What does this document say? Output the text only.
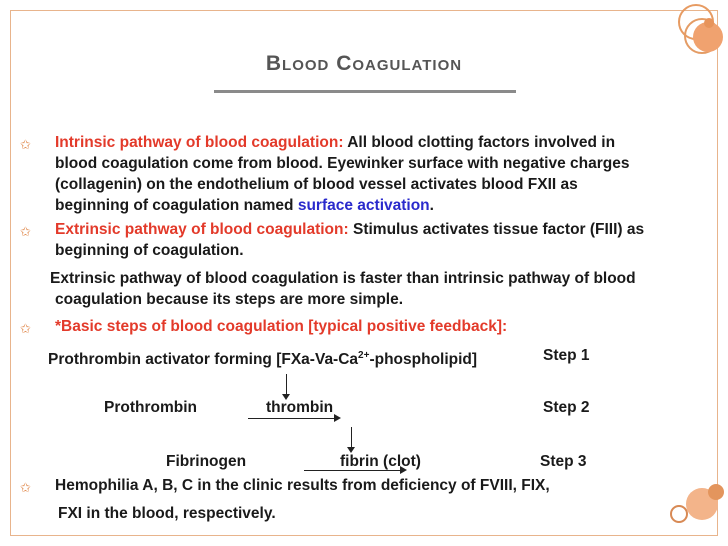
Blood Coagulation
✩ Intrinsic pathway of blood coagulation: All blood clotting factors involved in
blood coagulation come from blood. Eyewinker surface with negative charges
(collagenin) on the endothelium of blood vessel activates blood FXII as
beginning of coagulation named surface activation.
✩ Extrinsic pathway of blood coagulation: Stimulus activates tissue factor (FIII) as
beginning of coagulation.
Extrinsic pathway of blood coagulation is faster than intrinsic pathway of blood
coagulation because its steps are more simple.
✩ *Basic steps of blood coagulation [typical positive feedback]:
Prothrombin activator forming $[FXa-Va-Ca^{2+}-phospholipid]$	Step 1
Prothrombin	thrombin	Step 2
Fibrinogen	fibrin (clot)	Step 3
✩ Hemophilia A, B, C in the clinic results from deficiency of FVIII, FIX,
FXI in the blood, respectively.
